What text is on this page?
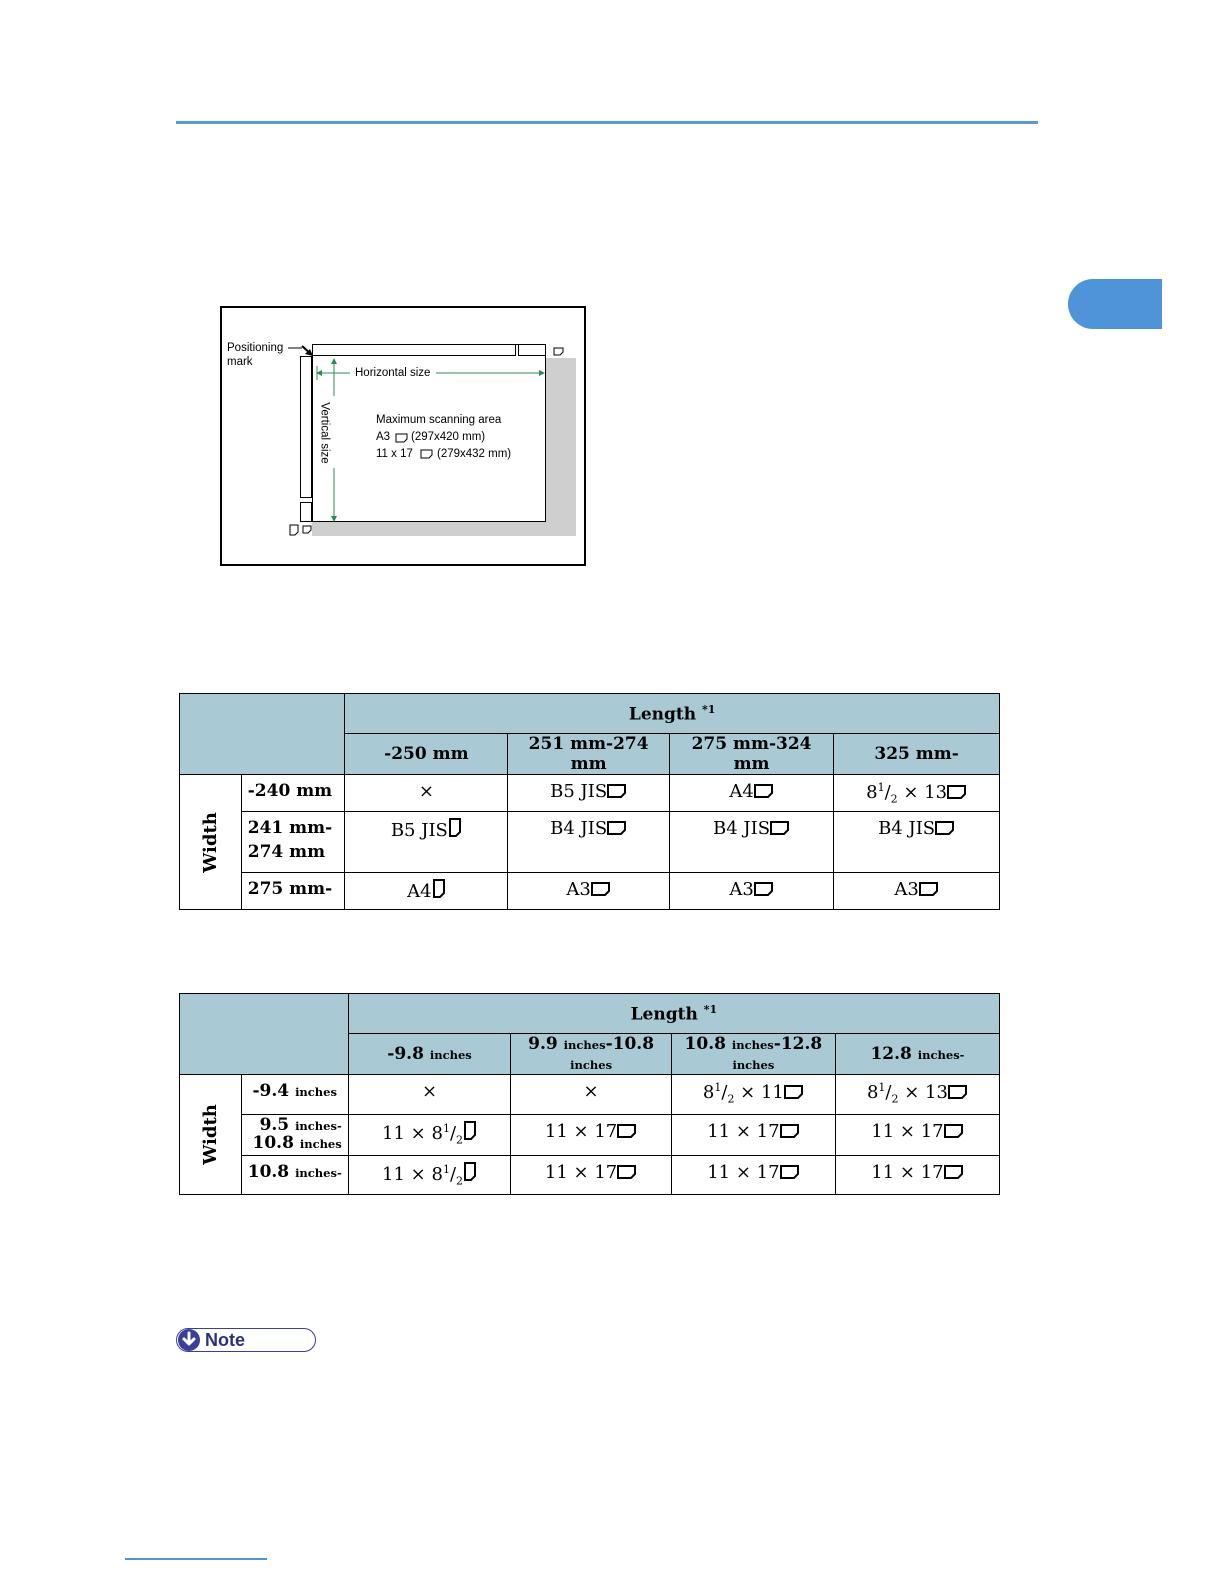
Positioning
mark
Horizontal size
Vertical size	Maximum scanning area
A3 (297x420 mm)
11 x 17 (279x432 mm)
		Length $^{*1}$
		-250 mm	251 mm-274 mm	275 mm-324 mm	325 mm-
Width	-240 mm	×	B5 JIS	A4	$8^1/_2 \times 13$

	241 mm-
274 mm	B5 JIS	B4 JIS	B4 JIS	B4 JIS
	275 mm-	A4	A3	A3	A3
		Length $^{*1}$
		-9.8 inches	9.9 inches-10.8 inches	10.8 inches-12.8 inches	12.8 inches-
Width	-9.4 inches	×	×	$8^1/_2 \times 11$	$8^1/_2 \times 13$

	9.5 inches-
10.8 inches	$11 \times 8^1/_2$	11 × 17	11 × 17	11 × 17
	10.8 inches-	$11 \times 8^1/_2$	11 × 17	11 × 17	11 × 17
Note
